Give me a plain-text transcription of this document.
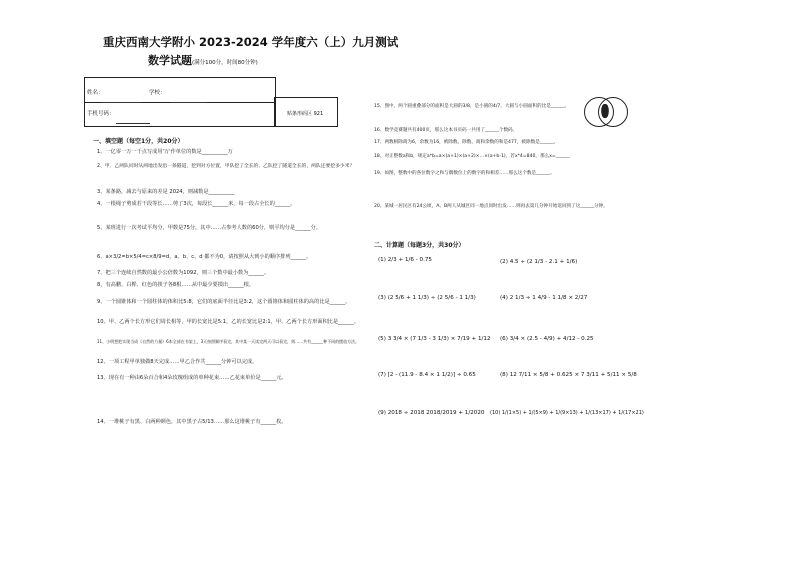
重庆西南大学附小 2023-2024 学年度六（上）九月测试
数学试题(满分100分，时间80分钟)
姓名：	学校：
手机号码：	贴条形码区 921
一、填空题（每空1分，共20分）
1、一亿零一万一千点写成用'万'作单位的数是__________万
2、甲、乙两队同时从两地出发沿一条隧道，挖到对方位置，甲队挖了全长的，乙队挖了隧道全长的，两队还要挖多少米？
3、某条路，减去与原来的差是 2024，则减数是__________
4、一根绳子剪成若干段等长……剪了3次，每段长______米，每一段占全长的______。
5、某班进行一次考试平均分，甲数是75分，其中……占参考人数的60分，则平均分是______分。
6、a×3/2=b×5/4=c×8/9=d，a、b、c、d 都不为0，请按照从大到小的顺序排列______。
7、把三个连续自然数的最小公倍数为1092，则三个数中最小数为______。
8、有高鹏、白桦、红色的筷子各8根……从中最少要摸出______根。
9、一个圆锥体和一个圆柱体的体积比5:8，它们的底面半径比是3:2，这个圆锥体和圆柱体的高的比是______。
10、甲、乙两个长方形它们周长相等，甲的长宽比是5:1，乙的长宽比是2:1，甲、乙两个长方形面积比是______。
11、小明想把实现当成《自然的力量》6本全部在书架上，3天按照顺序看完，其中某一天读完两天可以看完，则……共有______种不同的摆放方法。
12、一项工程甲单独做8天完成……甲乙合作共______分钟可以完成。
13、现在有一种由6朵百合和4朵玫瑰组成的单种花束……乙花束单价是______元。
14、一堆桃子有黑、白两种颜色，其中黑子占5/13……那么这堆桃子有______枚。
15、图中，两个圆重叠部分的面积是大圆的3/8，是小圆的4/7，大圆与小圆面积的比是______。
16、数学竞赛题共有400页，那么这本书页码一共用了______个数码。
17、两数相除商为6，余数为16，被除数、除数、商和余数的和是477，被除数是______。
18、对正整数a和b，规定a*b=a×(a+1)×(a+2)×…×(a+b-1)，若x*4=840，那么x=______
19、如图，整数中的各位数字之和与偶数位上的数字的和相差……那么这个数是______。
20、某城一居民区有24公顷，A、B两人从城区同一地点同时出发……则再去第几分钟开始返回到了这______分钟。
二、计算题（每题3分，共30分）
(1) 2/3 + 1/6 - 0.75	(2) 4.5 ÷ (2 1/3 - 2.1 + 1/6)
(3) (2 5/6 + 1 1/3) ÷ (2 5/6 - 1 1/3)	(4) 2 1/3 ÷ 1 4/9 - 1 1/8 × 2/27
(5) 3 3/4 × (7 1/3 - 3 1/3) × 7/19 + 1/12 (6) 3/4 × (2.5 - 4/9) + 4/12 - 0.25
(7) [2 - (11.9 - 8.4 × 1 1/2)] ÷ 0.65	(8) 12 7/11 × 5/8 + 0.625 × 7 3/11 + 5/11 × 5/8
(9) 2018 ÷ 2018 2018/2019 + 1/2020 (10) 1/(1×5) + 1/(5×9) + 1/(9×13) + 1/(13×17) + 1/(17×21)
